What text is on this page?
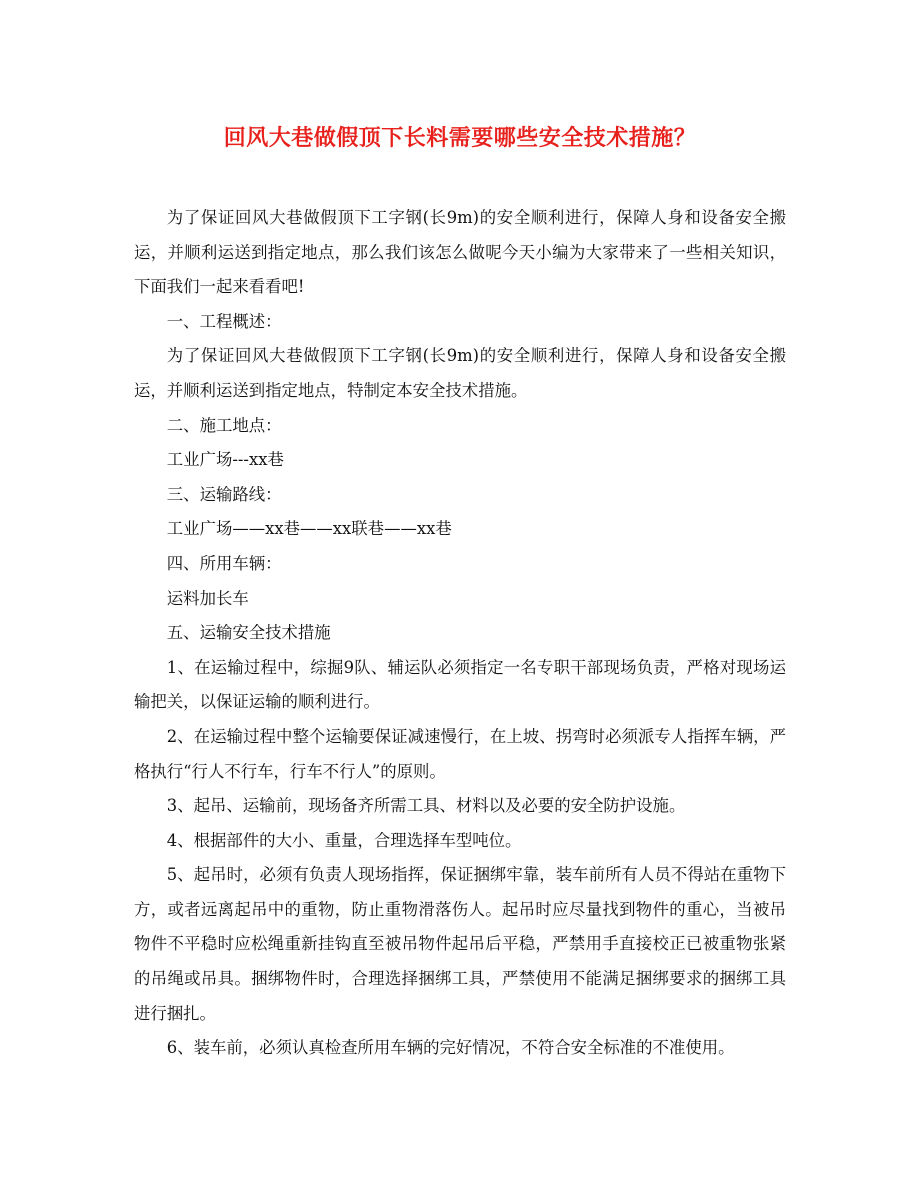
回风大巷做假顶下长料需要哪些安全技术措施？

为了保证回风大巷做假顶下工字钢(长9m)的安全顺利进行，保障人身和设备安全搬运，并顺利运送到指定地点，那么我们该怎么做呢今天小编为大家带来了一些相关知识，下面我们一起来看看吧!

一、工程概述：

为了保证回风大巷做假顶下工字钢(长9m)的安全顺利进行，保障人身和设备安全搬运，并顺利运送到指定地点，特制定本安全技术措施。

二、施工地点：

工业广场---xx巷

三、运输路线：

工业广场——xx巷——xx联巷——xx巷

四、所用车辆：

运料加长车

五、运输安全技术措施

1、在运输过程中，综掘9队、辅运队必须指定一名专职干部现场负责，严格对现场运输把关，以保证运输的顺利进行。

2、在运输过程中整个运输要保证减速慢行，在上坡、拐弯时必须派专人指挥车辆，严格执行“行人不行车，行车不行人”的原则。

3、起吊、运输前，现场备齐所需工具、材料以及必要的安全防护设施。

4、根据部件的大小、重量，合理选择车型吨位。

5、起吊时，必须有负责人现场指挥，保证捆绑牢靠，装车前所有人员不得站在重物下方，或者远离起吊中的重物，防止重物滑落伤人。起吊时应尽量找到物件的重心，当被吊物件不平稳时应松绳重新挂钩直至被吊物件起吊后平稳，严禁用手直接校正已被重物张紧的吊绳或吊具。捆绑物件时，合理选择捆绑工具，严禁使用不能满足捆绑要求的捆绑工具进行捆扎。

6、装车前，必须认真检查所用车辆的完好情况，不符合安全标准的不准使用。
